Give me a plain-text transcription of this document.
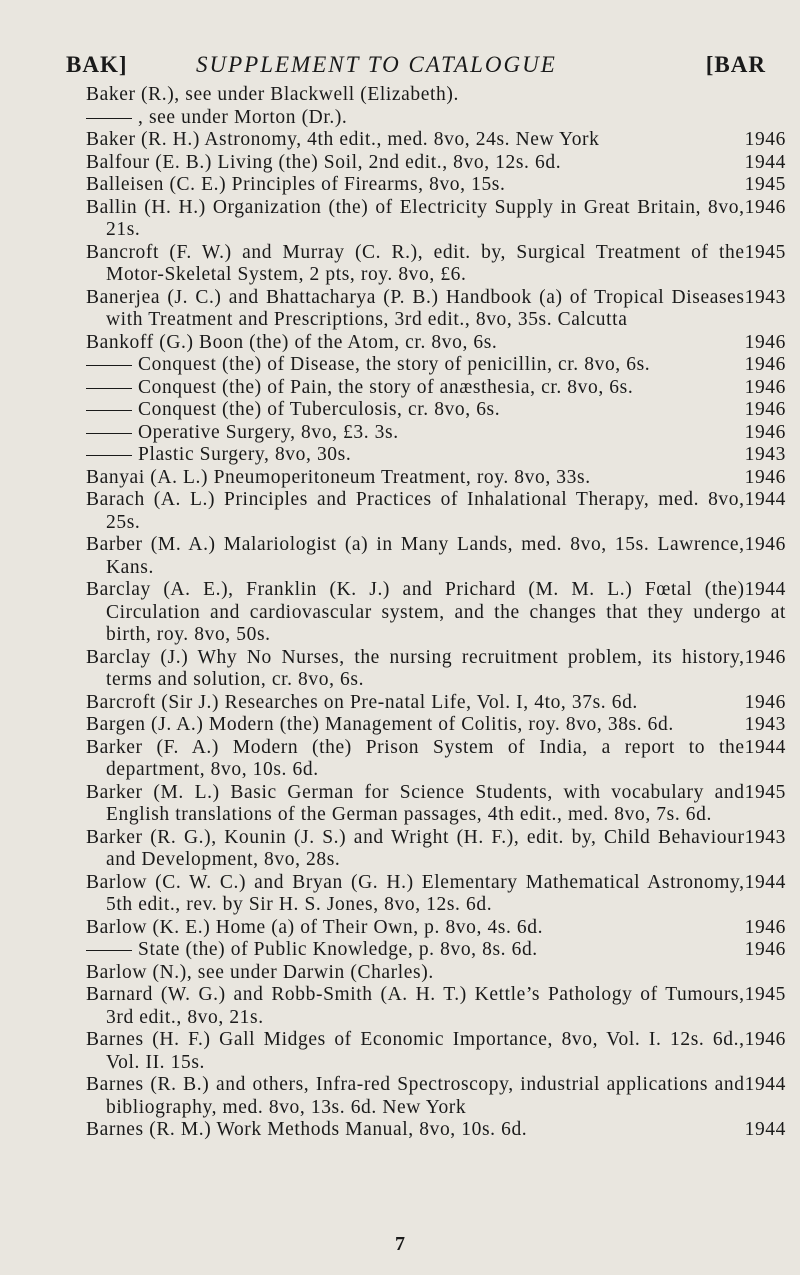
BAK]	SUPPLEMENT TO CATALOGUE	[BAR
Baker (R.), see under Blackwell (Elizabeth).
, see under Morton (Dr.).
1946
Baker (R. H.) Astronomy, 4th edit., med. 8vo, 24s. New York
1944
Balfour (E. B.) Living (the) Soil, 2nd edit., 8vo, 12s. 6d.
1945
Balleisen (C. E.) Principles of Firearms, 8vo, 15s.
1946
Ballin (H. H.) Organization (the) of Electricity Supply in Great Britain, 8vo, 21s.
1945
Bancroft (F. W.) and Murray (C. R.), edit. by, Surgical Treatment of the Motor-Skeletal System, 2 pts, roy. 8vo, £6.
1943
Banerjea (J. C.) and Bhattacharya (P. B.) Handbook (a) of Tropical Diseases with Treatment and Prescriptions, 3rd edit., 8vo, 35s. Calcutta
1946
Bankoff (G.) Boon (the) of the Atom, cr. 8vo, 6s.
1946
Conquest (the) of Disease, the story of penicillin, cr. 8vo, 6s.
1946
Conquest (the) of Pain, the story of anæsthesia, cr. 8vo, 6s.
1946
Conquest (the) of Tuberculosis, cr. 8vo, 6s.
1946
Operative Surgery, 8vo, £3. 3s.
1943
Plastic Surgery, 8vo, 30s.
1946
Banyai (A. L.) Pneumoperitoneum Treatment, roy. 8vo, 33s.
1944
Barach (A. L.) Principles and Practices of Inhalational Therapy, med. 8vo, 25s.
1946
Barber (M. A.) Malariologist (a) in Many Lands, med. 8vo, 15s. Lawrence, Kans.
1944
Barclay (A. E.), Franklin (K. J.) and Prichard (M. M. L.) Fœtal (the) Circulation and cardiovascular system, and the changes that they undergo at birth, roy. 8vo, 50s.
1946
Barclay (J.) Why No Nurses, the nursing recruitment problem, its history, terms and solution, cr. 8vo, 6s.
1946
Barcroft (Sir J.) Researches on Pre-natal Life, Vol. I, 4to, 37s. 6d.
1943
Bargen (J. A.) Modern (the) Management of Colitis, roy. 8vo, 38s. 6d.
1944
Barker (F. A.) Modern (the) Prison System of India, a report to the department, 8vo, 10s. 6d.
1945
Barker (M. L.) Basic German for Science Students, with vocabulary and English translations of the German passages, 4th edit., med. 8vo, 7s. 6d.
1943
Barker (R. G.), Kounin (J. S.) and Wright (H. F.), edit. by, Child Behaviour and Development, 8vo, 28s.
1944
Barlow (C. W. C.) and Bryan (G. H.) Elementary Mathematical Astronomy, 5th edit., rev. by Sir H. S. Jones, 8vo, 12s. 6d.
1946
Barlow (K. E.) Home (a) of Their Own, p. 8vo, 4s. 6d.
1946
State (the) of Public Knowledge, p. 8vo, 8s. 6d.
Barlow (N.), see under Darwin (Charles).
1945
Barnard (W. G.) and Robb-Smith (A. H. T.) Kettle’s Pathology of Tumours, 3rd edit., 8vo, 21s.
1946
Barnes (H. F.) Gall Midges of Economic Importance, 8vo, Vol. I. 12s. 6d., Vol. II. 15s.
1944
Barnes (R. B.) and others, Infra-red Spectroscopy, industrial applications and bibliography, med. 8vo, 13s. 6d. New York
1944
Barnes (R. M.) Work Methods Manual, 8vo, 10s. 6d.
7
